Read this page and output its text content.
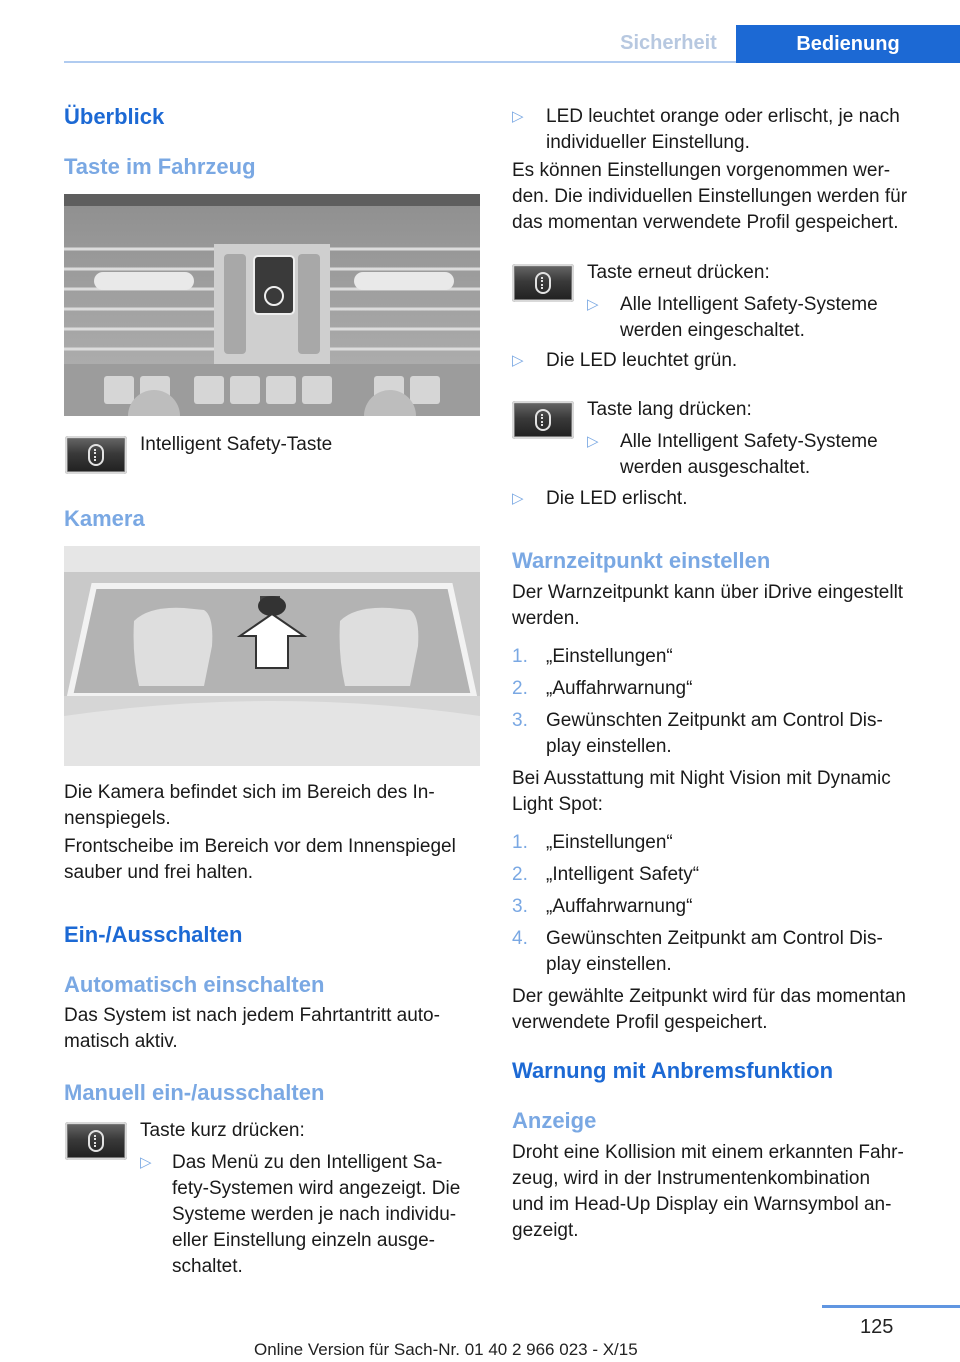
Sicherheit	Bedienung
Überblick
Taste im Fahrzeug
Intelligent Safety-Taste
Kamera
Die Kamera befindet sich im Bereich des In-
nenspiegels.
Frontscheibe im Bereich vor dem Innenspiegel
sauber und frei halten.
Ein-/Ausschalten
Automatisch einschalten
Das System ist nach jedem Fahrtantritt auto-
matisch aktiv.
Manuell ein-/ausschalten
Taste kurz drücken:
▷ Das Menü zu den Intelligent Sa-
fety-Systemen wird angezeigt. Die
Systeme werden je nach individu-
eller Einstellung einzeln ausge-
schaltet.
▷ LED leuchtet orange oder erlischt, je nach
individueller Einstellung.
Es können Einstellungen vorgenommen wer-
den. Die individuellen Einstellungen werden für
das momentan verwendete Profil gespeichert.
Taste erneut drücken:
▷ Alle Intelligent Safety-Systeme
werden eingeschaltet.
▷ Die LED leuchtet grün.
Taste lang drücken:
▷ Alle Intelligent Safety-Systeme
werden ausgeschaltet.
▷ Die LED erlischt.
Warnzeitpunkt einstellen
Der Warnzeitpunkt kann über iDrive eingestellt
werden.
1. „Einstellungen“
2. „Auffahrwarnung“
3. Gewünschten Zeitpunkt am Control Dis-
play einstellen.
Bei Ausstattung mit Night Vision mit Dynamic
Light Spot:
1. „Einstellungen“
2. „Intelligent Safety“
3. „Auffahrwarnung“
4. Gewünschten Zeitpunkt am Control Dis-
play einstellen.
Der gewählte Zeitpunkt wird für das momentan
verwendete Profil gespeichert.
Warnung mit Anbremsfunktion
Anzeige
Droht eine Kollision mit einem erkannten Fahr-
zeug, wird in der Instrumentenkombination
und im Head-Up Display ein Warnsymbol an-
gezeigt.
125
Online Version für Sach-Nr. 01 40 2 966 023 - X/15
